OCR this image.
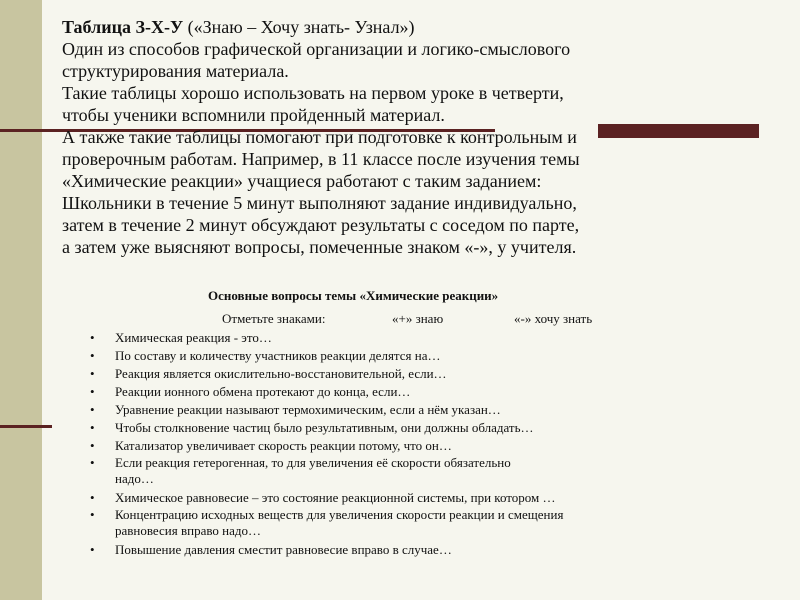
Таблица З-Х-У («Знаю – Хочу знать- Узнал»)
Один из способов графической организации и логико-смыслового
структурирования материала.
Такие таблицы хорошо использовать на первом уроке в четверти,
чтобы ученики вспомнили пройденный материал.
А также такие таблицы помогают при подготовке к контрольным и
проверочным работам. Например, в 11 классе после изучения темы
«Химические реакции» учащиеся работают с таким заданием:
Школьники в течение 5 минут выполняют задание индивидуально,
затем в течение 2 минут обсуждают результаты с соседом по парте,
а затем уже выясняют вопросы, помеченные знаком «-», у учителя.
Основные вопросы темы «Химические реакции»
Отметьте знаками:	«+» знаю	«-» хочу знать
• Химическая реакция - это…
• По составу и количеству участников реакции делятся на…
• Реакция является окислительно-восстановительной, если…
• Реакции ионного обмена протекают до конца, если…
• Уравнение реакции называют термохимическим, если а нём указан…
• Чтобы столкновение частиц было результативным, они должны обладать…
• Катализатор увеличивает скорость реакции потому, что он…
• Если реакция гетерогенная, то для увеличения её скорости обязательно
надо…
• Химическое равновесие – это состояние реакционной системы, при котором …
• Концентрацию исходных веществ для увеличения скорости реакции и смещения
равновесия вправо надо…
• Повышение давления сместит равновесие вправо в случае…
